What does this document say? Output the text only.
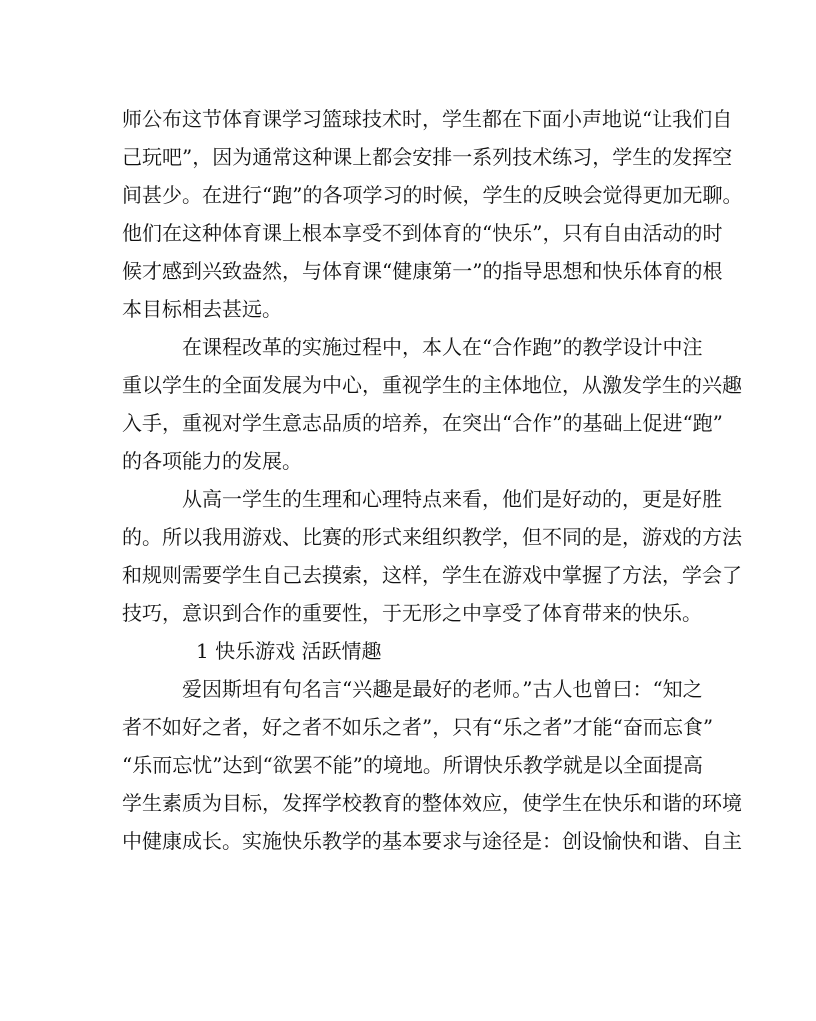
师公布这节体育课学习篮球技术时，学生都在下面小声地说“让我们自
己玩吧”，因为通常这种课上都会安排一系列技术练习，学生的发挥空
间甚少。在进行“跑”的各项学习的时候，学生的反映会觉得更加无聊。
他们在这种体育课上根本享受不到体育的“快乐”，只有自由活动的时
候才感到兴致盎然，与体育课“健康第一”的指导思想和快乐体育的根
本目标相去甚远。
在课程改革的实施过程中，本人在“合作跑”的教学设计中注
重以学生的全面发展为中心，重视学生的主体地位，从激发学生的兴趣
入手，重视对学生意志品质的培养，在突出“合作”的基础上促进“跑”
的各项能力的发展。
从高一学生的生理和心理特点来看，他们是好动的，更是好胜
的。所以我用游戏、比赛的形式来组织教学，但不同的是，游戏的方法
和规则需要学生自己去摸索，这样，学生在游戏中掌握了方法，学会了
技巧，意识到合作的重要性，于无形之中享受了体育带来的快乐。
1 快乐游戏 活跃情趣
爱因斯坦有句名言“兴趣是最好的老师。”古人也曾曰：“知之
者不如好之者，好之者不如乐之者”，只有“乐之者”才能“奋而忘食”
“乐而忘忧”达到“欲罢不能”的境地。所谓快乐教学就是以全面提高
学生素质为目标，发挥学校教育的整体效应，使学生在快乐和谐的环境
中健康成长。实施快乐教学的基本要求与途径是：创设愉快和谐、自主
